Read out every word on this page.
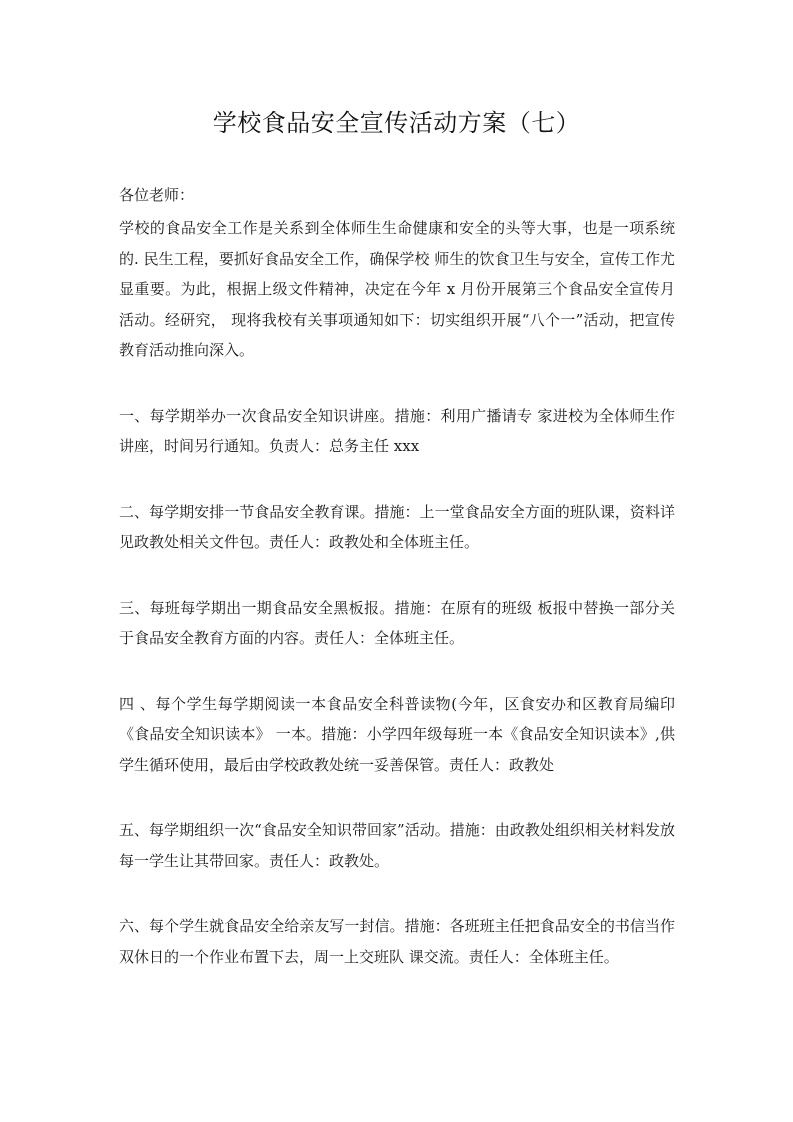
学校食品安全宣传活动方案（七）

各位老师：

学校的食品安全工作是关系到全体师生生命健康和安全的头等大事，也是一项系统的. 民生工程，要抓好食品安全工作，确保学校 师生的饮食卫生与安全，宣传工作尤显重要。为此，根据上级文件精神，决定在今年 x 月份开展第三个食品安全宣传月活动。经研究， 现将我校有关事项通知如下：切实组织开展“八个一”活动，把宣传教育活动推向深入。

一、每学期举办一次食品安全知识讲座。措施：利用广播请专 家进校为全体师生作讲座，时间另行通知。负责人：总务主任 xxx

二、每学期安排一节食品安全教育课。措施：上一堂食品安全方面的班队课，资料详见政教处相关文件包。责任人：政教处和全体班主任。

三、每班每学期出一期食品安全黑板报。措施：在原有的班级 板报中替换一部分关于食品安全教育方面的内容。责任人：全体班主任。

四 、每个学生每学期阅读一本食品安全科普读物(今年，区食安办和区教育局编印《食品安全知识读本》 一本。措施：小学四年级每班一本《食品安全知识读本》,供学生循环使用，最后由学校政教处统一妥善保管。责任人：政教处

五、每学期组织一次“食品安全知识带回家”活动。措施：由政教处组织相关材料发放每一学生让其带回家。责任人：政教处。

六、每个学生就食品安全给亲友写一封信。措施：各班班主任把食品安全的书信当作双休日的一个作业布置下去，周一上交班队 课交流。责任人：全体班主任。
